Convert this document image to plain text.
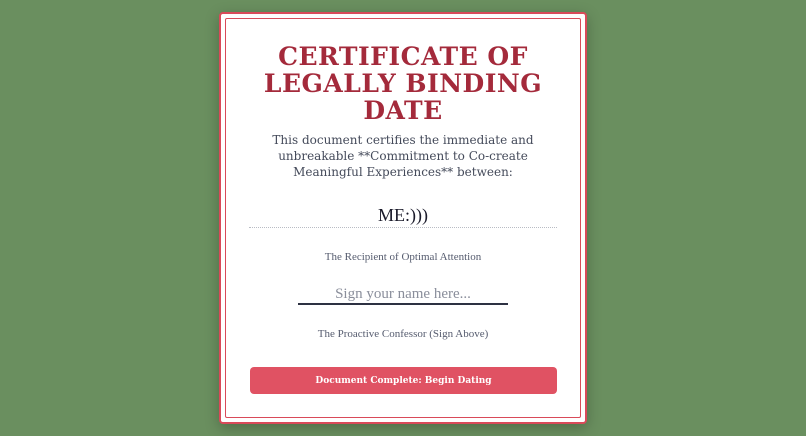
CERTIFICATE OF LEGALLY BINDING DATE

This document certifies the immediate and unbreakable **Commitment to Co-create Meaningful Experiences** between:

ME:)))
The Recipient of Optimal Attention
Sign your name here...
The Proactive Confessor (Sign Above)
Document Complete: Begin Dating
